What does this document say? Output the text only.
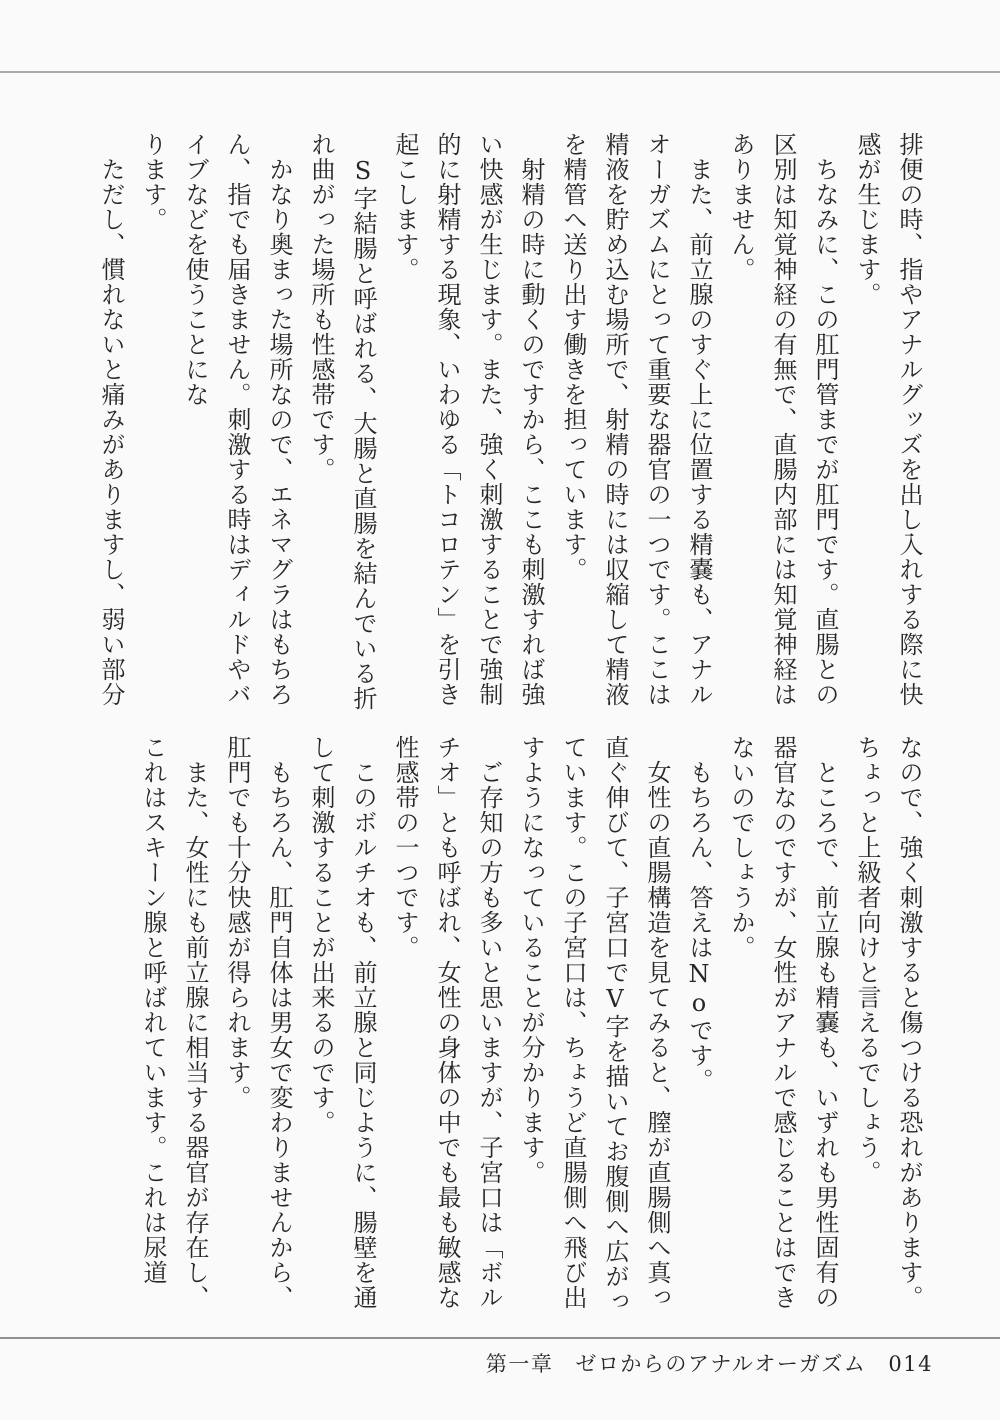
排便の時、指やアナルグッズを出し入れする際に快
感が生じます。
　ちなみに、この肛門管までが肛門です。直腸との
区別は知覚神経の有無で、直腸内部には知覚神経は
ありません。
　また、前立腺のすぐ上に位置する精嚢も、アナル
オーガズムにとって重要な器官の一つです。ここは
精液を貯め込む場所で、射精の時には収縮して精液
を精管へ送り出す働きを担っています。
　射精の時に動くのですから、ここも刺激すれば強
い快感が生じます。また、強く刺激することで強制
的に射精する現象、いわゆる「トコロテン」を引き
起こします。
　S字結腸と呼ばれる、大腸と直腸を結んでいる折
れ曲がった場所も性感帯です。
　かなり奥まった場所なので、エネマグラはもちろ
ん、指でも届きません。刺激する時はディルドやバ
イブなどを使うことにな
ります。
　ただし、慣れないと痛みがありますし、弱い部分
なので、強く刺激すると傷つける恐れがあります。
ちょっと上級者向けと言えるでしょう。
　ところで、前立腺も精嚢も、いずれも男性固有の
器官なのですが、女性がアナルで感じることはでき
ないのでしょうか。
　もちろん、答えはNoです。
　女性の直腸構造を見てみると、膣が直腸側へ真っ
直ぐ伸びて、子宮口でV字を描いてお腹側へ広がっ
ています。この子宮口は、ちょうど直腸側へ飛び出
すようになっていることが分かります。
　ご存知の方も多いと思いますが、子宮口は「ボル
チオ」とも呼ばれ、女性の身体の中でも最も敏感な
性感帯の一つです。
　このボルチオも、前立腺と同じように、腸壁を通
して刺激することが出来るのです。
　もちろん、肛門自体は男女で変わりませんから、
肛門でも十分快感が得られます。
　また、女性にも前立腺に相当する器官が存在し、
これはスキーン腺と呼ばれています。これは尿道
第一章 ゼロからのアナルオーガズム 014
